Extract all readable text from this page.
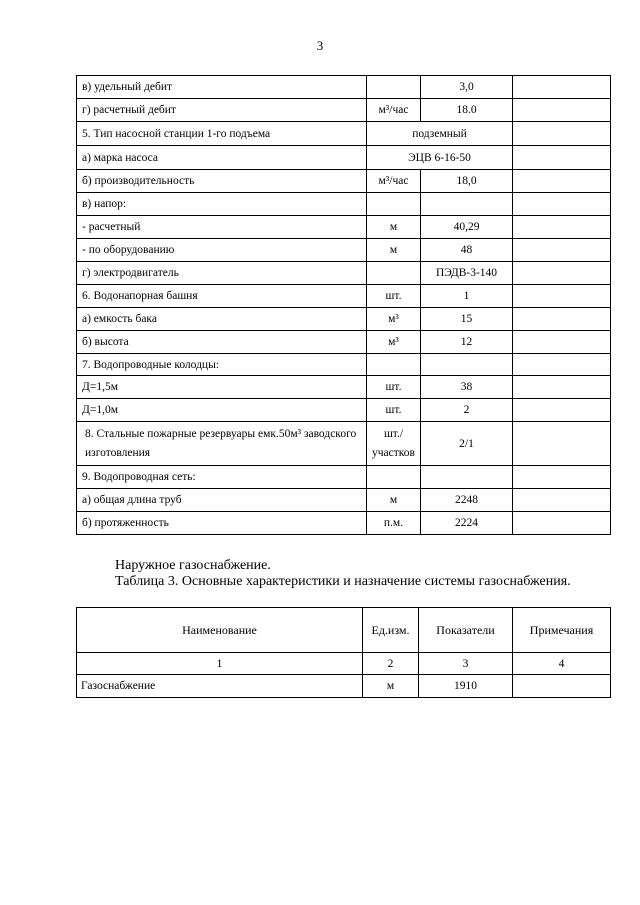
3
в) удельный дебит		3,0	
г) расчетный дебит	м³/час	18.0	
5. Тип насосной станции 1-го подъема	подземный		
а) марка насоса	ЭЦВ 6-16-50		
б) производительность	м³/час	18,0	
в) напор:			
- расчетный	м	40,29	
- по оборудованию	м	48	
г) электродвигатель		ПЭДВ-3-140	
6. Водонапорная башня	шт.	1	
а) емкость бака	м³	15	
б) высота	м³	12	
7. Водопроводные колодцы:			
Д=1,5м	шт.	38	
Д=1,0м	шт.	2	
8. Стальные пожарные резервуары емк.50м³ заводского изготовления	шт./участков	2/1	
9. Водопроводная сеть:			
а) общая длина труб	м	2248	
б) протяженность	п.м.	2224	
Наружное газоснабжение.
Таблица 3. Основные характеристики и назначение системы газоснабжения.
Наименование	Ед.изм.	Показатели	Примечания
1	2	3	4
Газоснабжение	м	1910	
